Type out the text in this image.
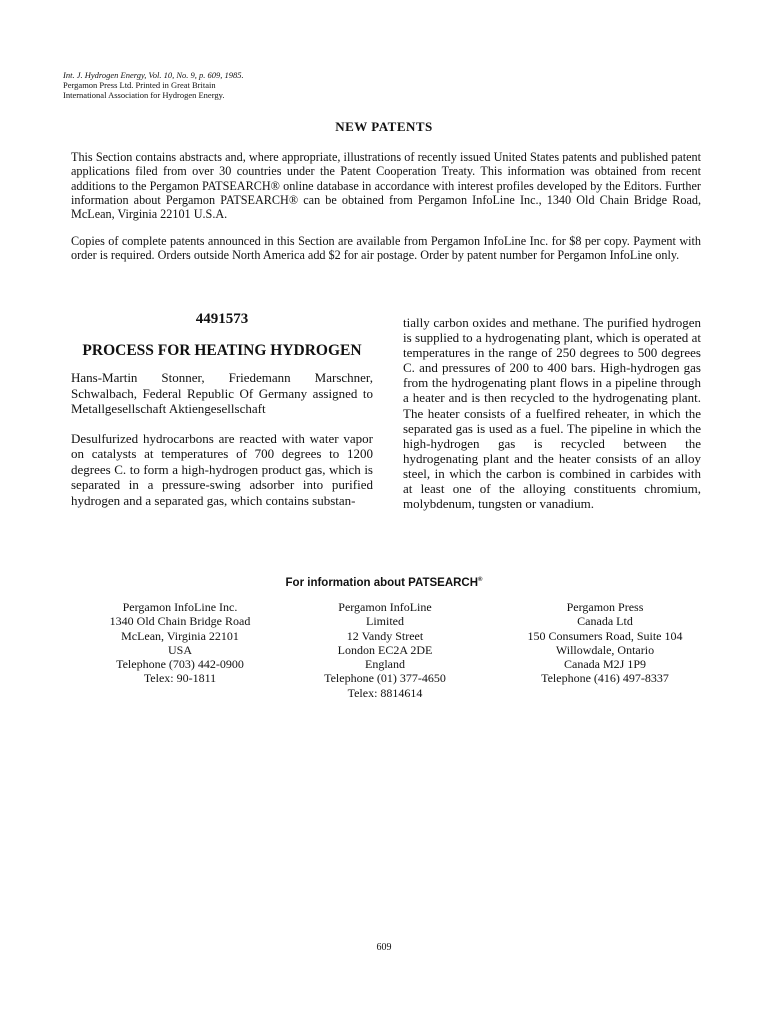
Int. J. Hydrogen Energy, Vol. 10, No. 9, p. 609, 1985.
Pergamon Press Ltd. Printed in Great Britain
International Association for Hydrogen Energy.
NEW PATENTS

This Section contains abstracts and, where appropriate, illustrations of recently issued United States patents and published patent applications filed from over 30 countries under the Patent Cooperation Treaty. This information was obtained from recent additions to the Pergamon PATSEARCH® online database in accordance with interest profiles developed by the Editors. Further information about Pergamon PATSEARCH® can be obtained from Pergamon InfoLine Inc., 1340 Old Chain Bridge Road, McLean, Virginia 22101 U.S.A.

Copies of complete patents announced in this Section are available from Pergamon InfoLine Inc. for $8 per copy. Payment with order is required. Orders outside North America add $2 for air postage. Order by patent number for Pergamon InfoLine only.

4491573

PROCESS FOR HEATING HYDROGEN

Hans-Martin Stonner, Friedemann Marschner, Schwalbach, Federal Republic Of Germany assigned to Metallgesellschaft Aktiengesellschaft

Desulfurized hydrocarbons are reacted with water vapor on catalysts at temperatures of 700 degrees to 1200 degrees C. to form a high-hydrogen product gas, which is separated in a pressure-swing adsorber into purified hydrogen and a separated gas, which contains substan-

tially carbon oxides and methane. The purified hydrogen is supplied to a hydrogenating plant, which is operated at temperatures in the range of 250 degrees to 500 degrees C. and pressures of 200 to 400 bars. High-hydrogen gas from the hydrogenating plant flows in a pipeline through a heater and is then recycled to the hydrogenating plant. The heater consists of a fuelfired reheater, in which the separated gas is used as a fuel. The pipeline in which the high-hydrogen gas is recycled between the hydrogenating plant and the heater consists of an alloy steel, in which the carbon is combined in carbides with at least one of the alloying constituents chromium, molybdenum, tungsten or vanadium.

For information about PATSEARCH®
Pergamon InfoLine Inc.
1340 Old Chain Bridge Road
McLean, Virginia 22101
USA
Telephone (703) 442-0900
Telex: 90-1811
Pergamon InfoLine
Limited
12 Vandy Street
London EC2A 2DE
England
Telephone (01) 377-4650
Telex: 8814614
Pergamon Press
Canada Ltd
150 Consumers Road, Suite 104
Willowdale, Ontario
Canada M2J 1P9
Telephone (416) 497-8337
609
